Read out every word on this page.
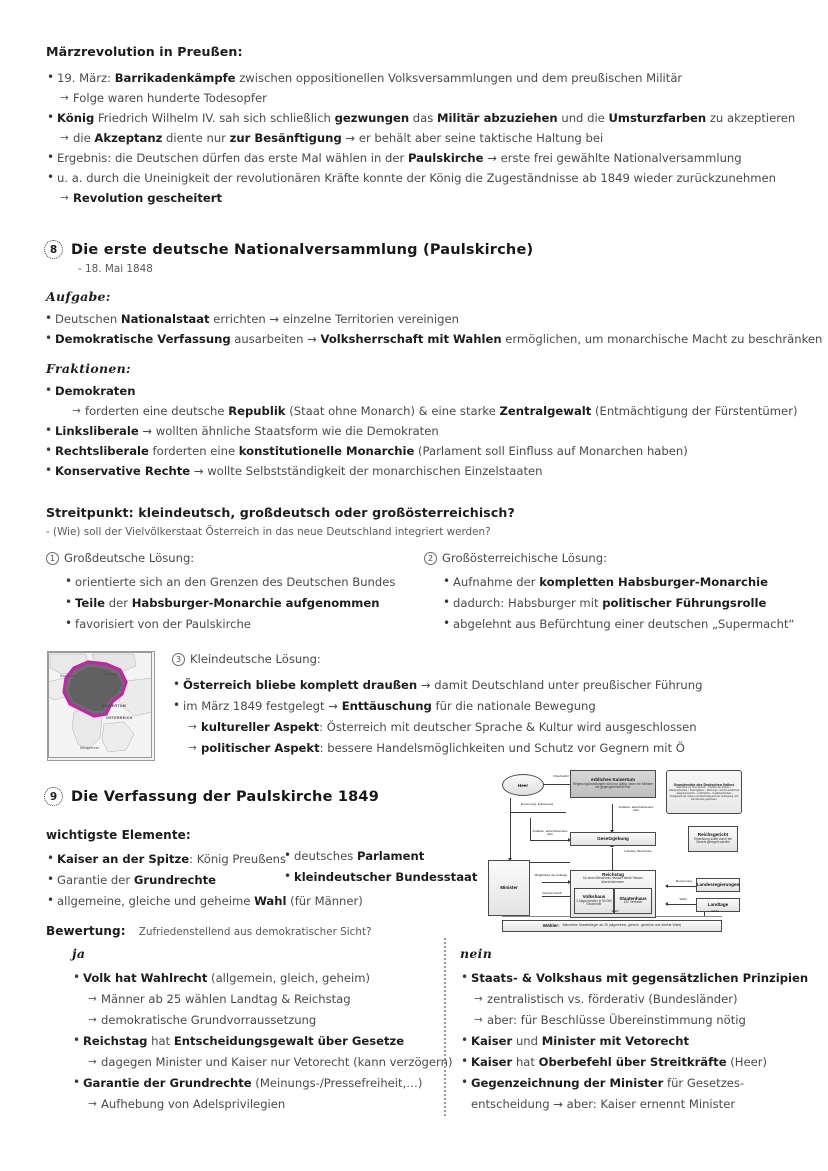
Märzrevolution in Preußen:
• 19. März: Barrikadenkämpfe zwischen oppositionellen Volksversammlungen und dem preußischen Militär
→ Folge waren hunderte Todesopfer
• König Friedrich Wilhelm IV. sah sich schließlich gezwungen das Militär abzuziehen und die Umsturzfarben zu akzeptieren
→ die Akzeptanz diente nur zur Besänftigung → er behält aber seine taktische Haltung bei
• Ergebnis: die Deutschen dürfen das erste Mal wählen in der Paulskirche → erste frei gewählte Nationalversammlung
• u. a. durch die Uneinigkeit der revolutionären Kräfte konnte der König die Zugeständnisse ab 1849 wieder zurückzunehmen
→ Revolution gescheitert
8 Die erste deutsche Nationalversammlung (Paulskirche)
- 18. Mai 1848
Aufgabe:
• Deutschen Nationalstaat errichten → einzelne Territorien vereinigen
• Demokratische Verfassung ausarbeiten → Volksherrschaft mit Wahlen ermöglichen, um monarchische Macht zu beschränken
Fraktionen:
• Demokraten
→ forderten eine deutsche Republik (Staat ohne Monarch) & eine starke Zentralgewalt (Entmächtigung der Fürstentümer)
• Linksliberale → wollten ähnliche Staatsform wie die Demokraten
• Rechtsliberale forderten eine konstitutionelle Monarchie (Parlament soll Einfluss auf Monarchen haben)
• Konservative Rechte → wollte Selbstständigkeit der monarchischen Einzelstaaten
Streitpunkt: kleindeutsch, großdeutsch oder großösterreichisch?
- (Wie) soll der Vielvölkerstaat Österreich in das neue Deutschland integriert werden?
1 Großdeutsche Lösung:
• orientierte sich an den Grenzen des Deutschen Bundes
• Teile der Habsburger-Monarchie aufgenommen
• favorisiert von der Paulskirche
2 Großösterreichische Lösung:
• Aufnahme der kompletten Habsburger-Monarchie
• dadurch: Habsburger mit politischer Führungsrolle
• abgelehnt aus Befürchtung einer deutschen „Supermacht“
Nordsee	Ostsee
KAISERTUM
ÖSTERREICH
Mittelmeer
3 Kleindeutsche Lösung:
• Österreich bliebe komplett draußen → damit Deutschland unter preußischer Führung
• im März 1849 festgelegt → Enttäuschung für die nationale Bewegung
→ kultureller Aspekt: Österreich mit deutscher Sprache & Kultur wird ausgeschlossen
→ politischer Aspekt: bessere Handelsmöglichkeiten und Schutz vor Gegnern mit Ö
9 Die Verfassung der Paulskirche 1849
wichtigste Elemente:
• Kaiser an der Spitze: König Preußens
• Garantie der Grundrechte
• allgemeine, gleiche und geheime Wahl (für Männer)
• deutsches Parlament
• kleindeutscher Bundesstaat
Bewertung: Zufriedenstellend aus demokratischer Sicht?
ja
• Volk hat Wahlrecht (allgemein, gleich, geheim)
→ Männer ab 25 wählen Landtag & Reichstag
→ demokratische Grundvorraussetzung
• Reichstag hat Entscheidungsgewalt über Gesetze
→ dagegen Minister und Kaiser nur Vetorecht (kann verzögern)
• Garantie der Grundrechte (Meinungs-/Pressefreiheit,…)
→ Aufhebung von Adelsprivilegien
nein
• Staats- & Volkshaus mit gegensätzlichen Prinzipien
→ zentralistisch vs. förderativ (Bundesländer)
→ aber: für Beschlüsse Übereinstimmung nötig
• Kaiser und Minister mit Vetorecht
• Kaiser hat Oberbefehl über Streitkräfte (Heer)
• Gegenzeichnung der Minister für Gesetzes-
entscheidung → aber: Kaiser ernennt Minister
Heer
erbliches Kaisertum
Regierungshandlungen sind nur gültig, wenn ein Minister sie gegengezeichnet hat.
Gesetzgebung
Reichstag
für einen Beschluss müssen beide Häuser übereinstimmen.
Volkshaus
1 Abgeordneter je 50.000 Einwohner
Staatenhaus
192 Vertreter
Minister
Landesregierungen
Landtage
Grundrechte des Deutschen Volkes
Gleichheit vor dem Gesetz – Freiheit der Person – Glaubensfreiheit – Freizügigkeit – Meinungs- und Pressefreiheit – Eigentumsrecht – Lehrfreiheit – Koalitionsfreiheit – Postgeheimnis. Kaiser und Reichstag sind an Verfassung und Grundrechte gebunden.
Reichsgericht
Einsetzung sollte durch ein Gesetz geregelt werden
Wähler: Männliche Staatsbürger ab 25 (allgemeine, gleiche, geheime und direkte Wahl)
Oberbefehl
Ernennung, Entlassung
Initiative, aufschiebendes Veto
Initiative, aufschiebendes Veto
Initiative, Beschluss
Möglichkeit der Anklage
Rechenschaft
Benennung
Wahl
Wahl	Wahl
